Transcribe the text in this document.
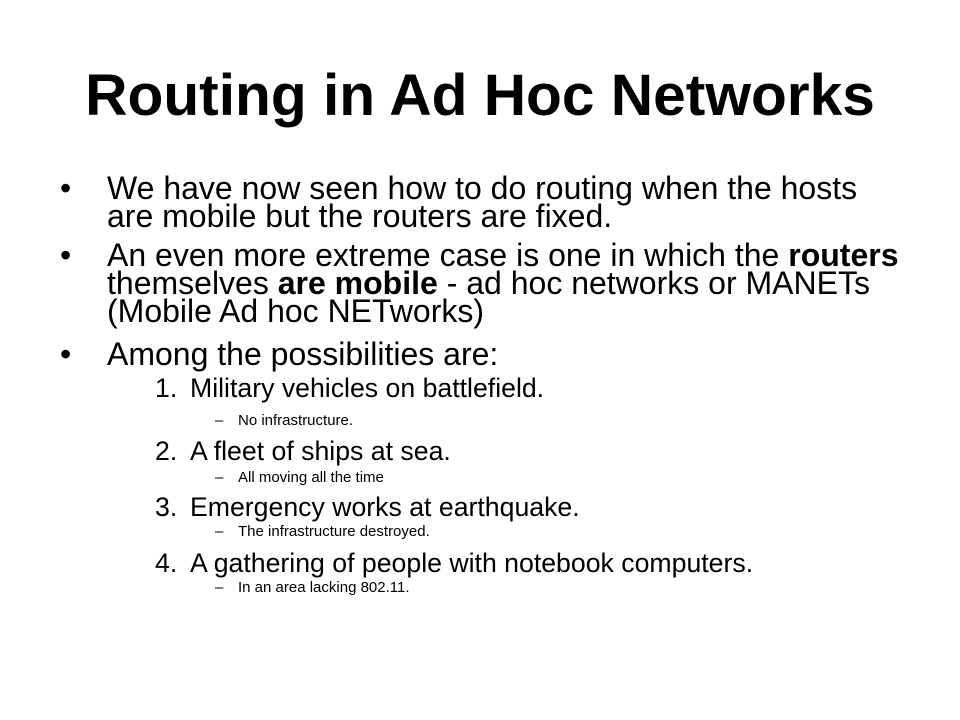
Routing in Ad Hoc Networks
• We have now seen how to do routing when the hosts
are mobile but the routers are fixed.
• An even more extreme case is one in which the routers
themselves are mobile - ad hoc networks or MANETs
(Mobile Ad hoc NETworks)
• Among the possibilities are:
1. Military vehicles on battlefield.
– No infrastructure.
2. A fleet of ships at sea.
– All moving all the time
3. Emergency works at earthquake.
– The infrastructure destroyed.
4. A gathering of people with notebook computers.
– In an area lacking 802.11.
